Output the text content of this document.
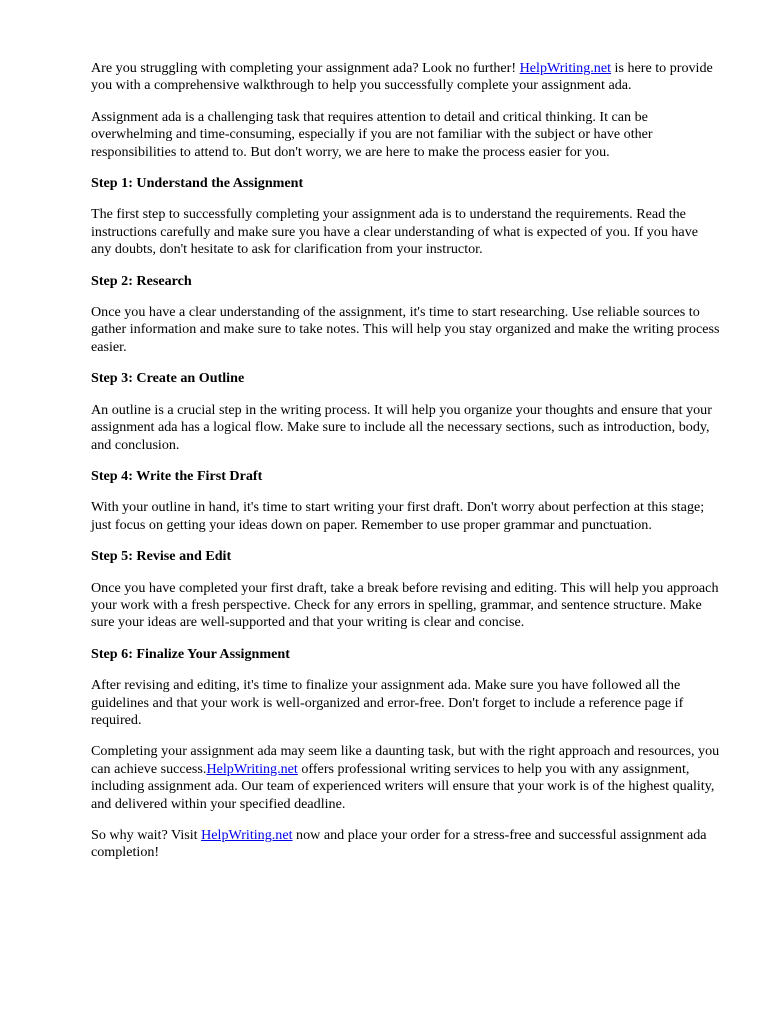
Are you struggling with completing your assignment ada? Look no further! HelpWriting.net is here to provide you with a comprehensive walkthrough to help you successfully complete your assignment ada.

Assignment ada is a challenging task that requires attention to detail and critical thinking. It can be overwhelming and time-consuming, especially if you are not familiar with the subject or have other responsibilities to attend to. But don't worry, we are here to make the process easier for you.

Step 1: Understand the Assignment

The first step to successfully completing your assignment ada is to understand the requirements. Read the instructions carefully and make sure you have a clear understanding of what is expected of you. If you have any doubts, don't hesitate to ask for clarification from your instructor.

Step 2: Research

Once you have a clear understanding of the assignment, it's time to start researching. Use reliable sources to gather information and make sure to take notes. This will help you stay organized and make the writing process easier.

Step 3: Create an Outline

An outline is a crucial step in the writing process. It will help you organize your thoughts and ensure that your assignment ada has a logical flow. Make sure to include all the necessary sections, such as introduction, body, and conclusion.

Step 4: Write the First Draft

With your outline in hand, it's time to start writing your first draft. Don't worry about perfection at this stage; just focus on getting your ideas down on paper. Remember to use proper grammar and punctuation.

Step 5: Revise and Edit

Once you have completed your first draft, take a break before revising and editing. This will help you approach your work with a fresh perspective. Check for any errors in spelling, grammar, and sentence structure. Make sure your ideas are well-supported and that your writing is clear and concise.

Step 6: Finalize Your Assignment

After revising and editing, it's time to finalize your assignment ada. Make sure you have followed all the guidelines and that your work is well-organized and error-free. Don't forget to include a reference page if required.

Completing your assignment ada may seem like a daunting task, but with the right approach and resources, you can achieve success.HelpWriting.net offers professional writing services to help you with any assignment, including assignment ada. Our team of experienced writers will ensure that your work is of the highest quality, and delivered within your specified deadline.

So why wait? Visit HelpWriting.net now and place your order for a stress-free and successful assignment ada completion!
